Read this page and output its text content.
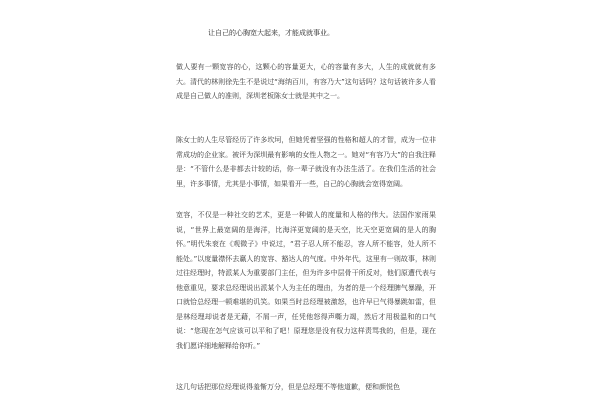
让自己的心胸宽大起来，才能成就事业。
做人要有一颗宽容的心，这颗心的容量更大，心的容量有多大，人生的成就就有多大。清代的林则徐先生不是说过“海纳百川，有容乃大”这句话吗？这句话被许多人看成是自己做人的准则，深圳老板陈女士就是其中之一。
陈女士的人生尽管经历了许多坎坷，但她凭着坚强的性格和超人的才智，成为一位非常成功的企业家。被评为深圳最有影响的女性人物之一。她对“有容乃大”的自我注释是：“不管什么是非都去计较的话，你一辈子就没有办法生活了。在我们生活的社会里，许多事情，尤其是小事情，如果看开一些，自己的心胸就会宽得宽阔。
宽容，不仅是一种社交的艺术，更是一种做人的度量和人格的伟大。法国作家雨果说，“世界上最宽阔的是海洋，比海洋更宽阔的是天空，比天空更宽阔的是人的胸怀。”明代朱衮在《观微子》中说过，“君子忍人所不能忍，容人所不能容，处人所不能处。”以度量襟怀去赢人的宽容、豁达人的气度。中外年代，这里有一则故事，林则过往经理时，特派某人为重要部门主任，但为许多中层骨干所反对，他们原遭代表与他意重见，要求总经理说出派某个人为主任的理由，为者的是一个经理脾气暴躁，开口就恰总经理一顿难堪的讥笑。如果当时总经理被激怒，也许早已气得暴跳如雷，但是林经理却说者是无藉，不屑一声，任凭他怒得声嘶力竭，然后才用极温和的口气说：“您现在怎气应该可以平和了吧！原理您是没有权力这样责骂我的，但是，现在我们愿详细地解释给你听。”
这几句话把那位经理说得羞惭万分，但是总经理不等他道歉，便和颜悦色
